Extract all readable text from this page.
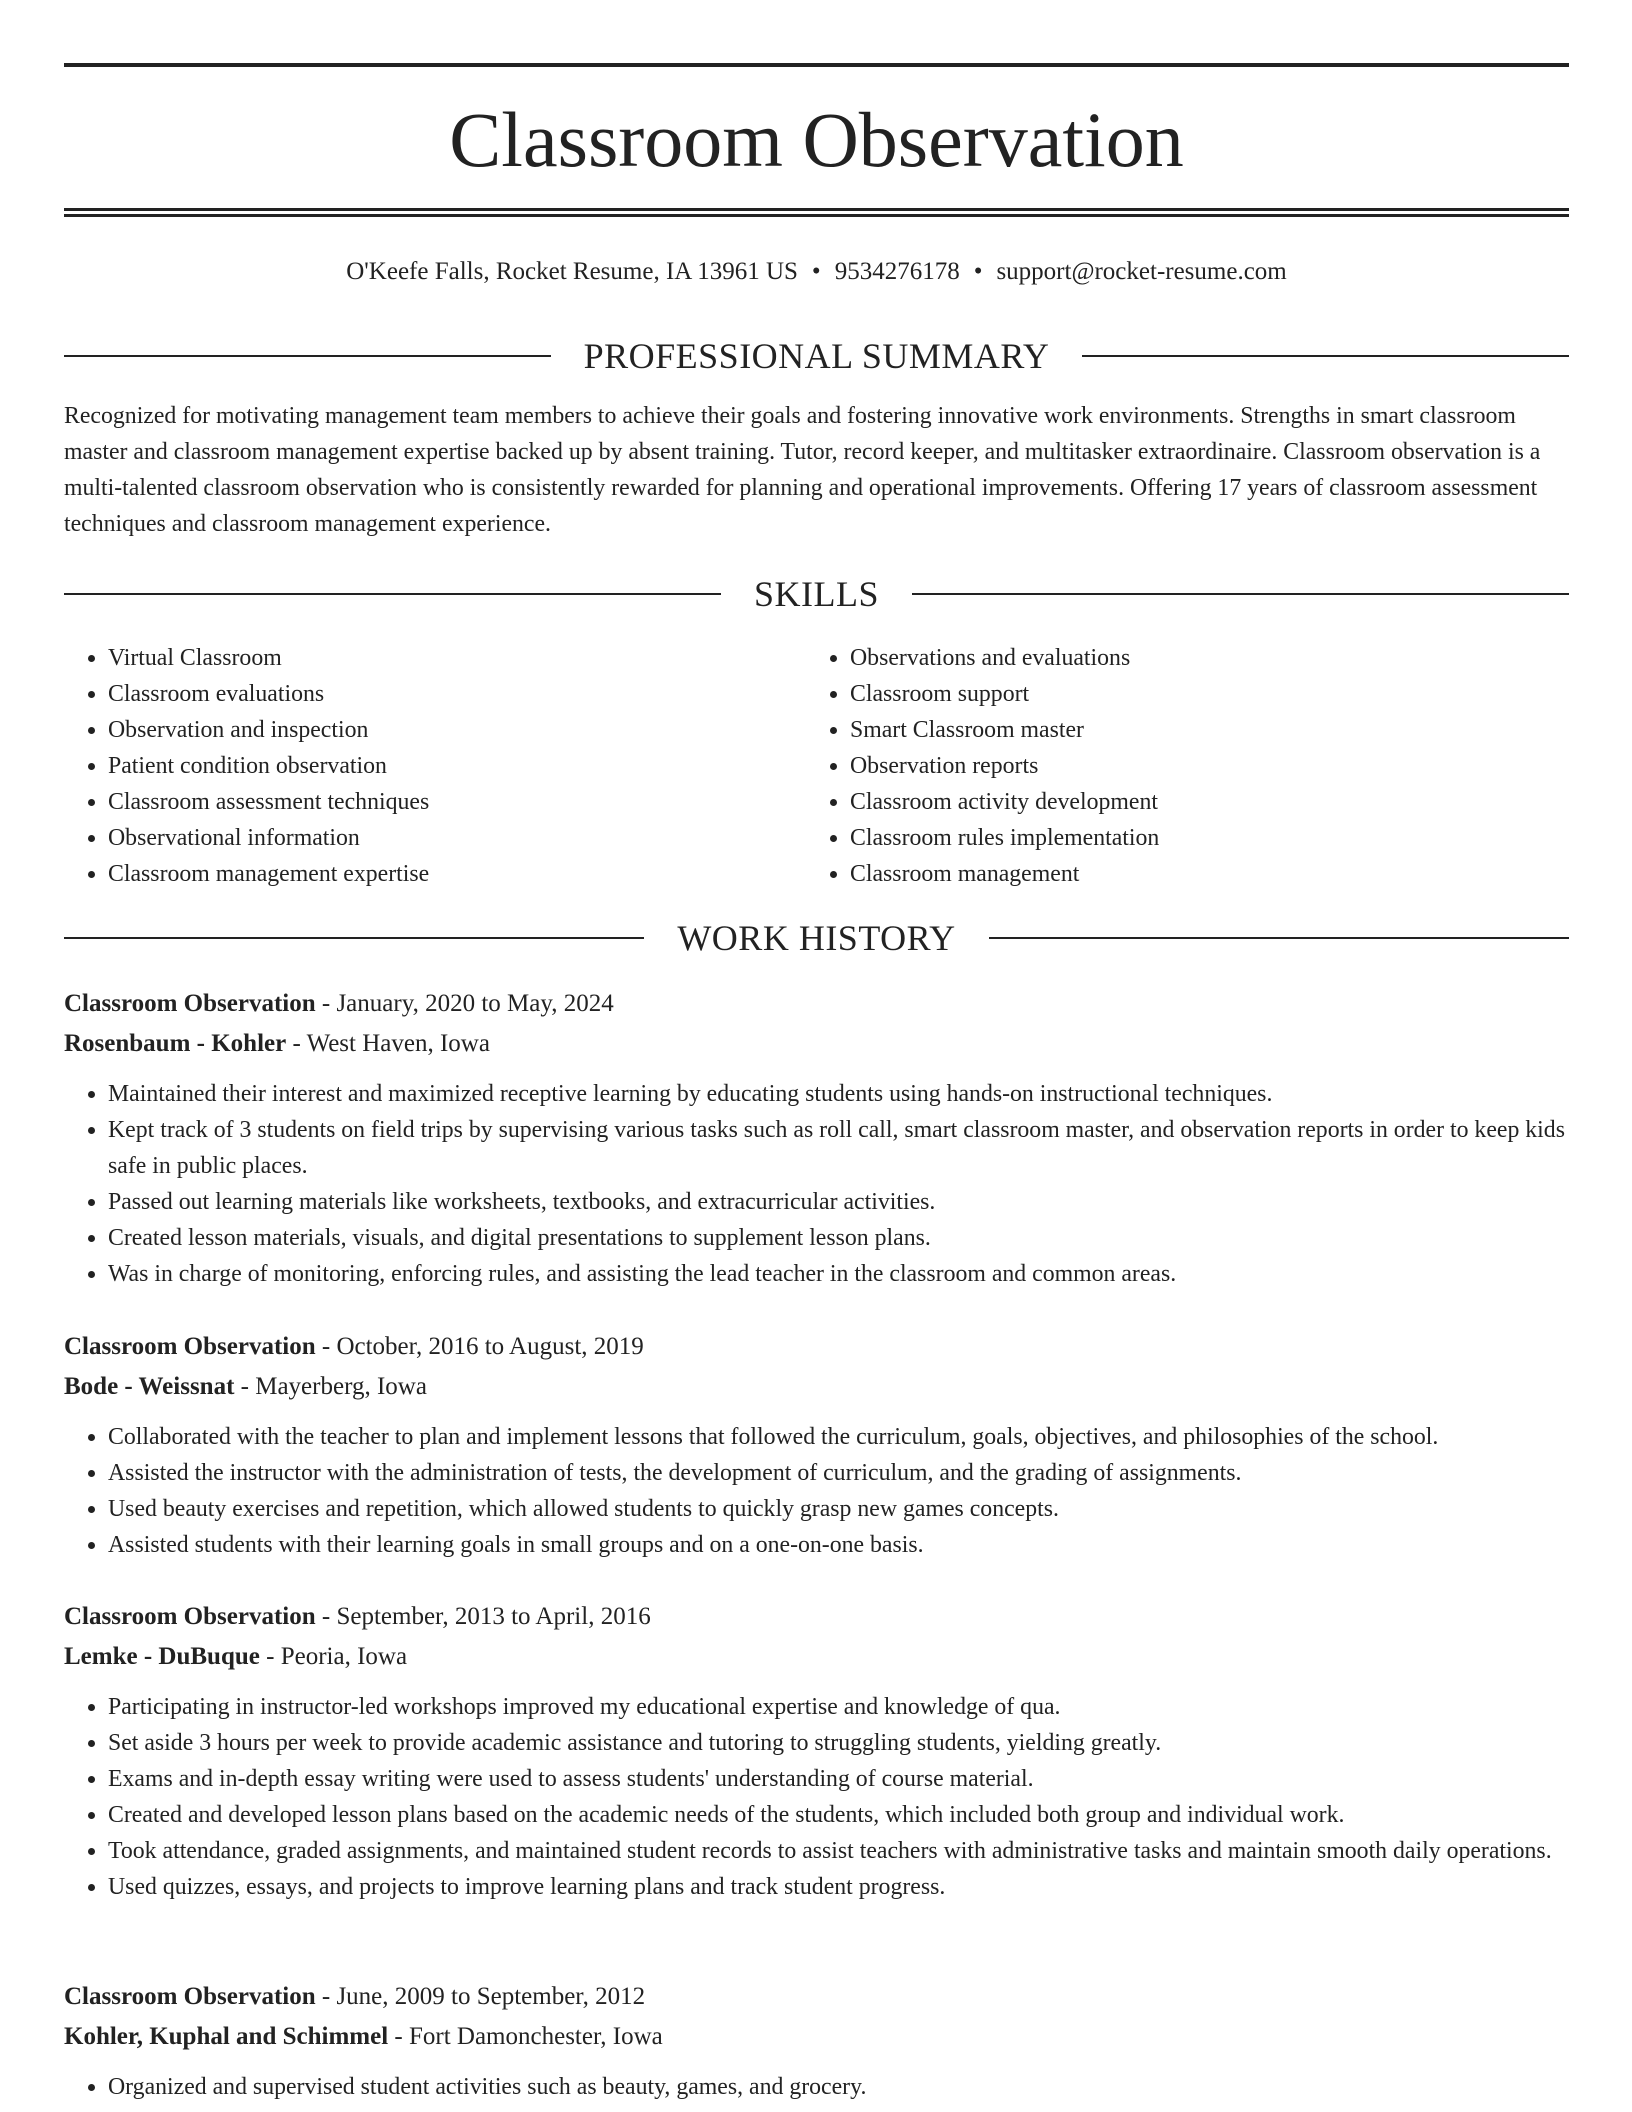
Classroom Observation
O'Keefe Falls, Rocket Resume, IA 13961 US • 9534276178 • support@rocket-resume.com
PROFESSIONAL SUMMARY

Recognized for motivating management team members to achieve their goals and fostering innovative work environments. Strengths in smart classroom master and classroom management expertise backed up by absent training. Tutor, record keeper, and multitasker extraordinaire. Classroom observation is a multi-talented classroom observation who is consistently rewarded for planning and operational improvements. Offering 17 years of classroom assessment techniques and classroom management experience.

SKILLS
• Virtual Classroom
• Classroom evaluations
• Observation and inspection
• Patient condition observation
• Classroom assessment techniques
• Observational information
• Classroom management expertise
• Observations and evaluations
• Classroom support
• Smart Classroom master
• Observation reports
• Classroom activity development
• Classroom rules implementation
• Classroom management
WORK HISTORY
Classroom Observation - January, 2020 to May, 2024
Rosenbaum - Kohler - West Haven, Iowa
• Maintained their interest and maximized receptive learning by educating students using hands-on instructional techniques.
• Kept track of 3 students on field trips by supervising various tasks such as roll call, smart classroom master, and observation reports in order to keep kids safe in public places.
• Passed out learning materials like worksheets, textbooks, and extracurricular activities.
• Created lesson materials, visuals, and digital presentations to supplement lesson plans.
• Was in charge of monitoring, enforcing rules, and assisting the lead teacher in the classroom and common areas.
Classroom Observation - October, 2016 to August, 2019
Bode - Weissnat - Mayerberg, Iowa
• Collaborated with the teacher to plan and implement lessons that followed the curriculum, goals, objectives, and philosophies of the school.
• Assisted the instructor with the administration of tests, the development of curriculum, and the grading of assignments.
• Used beauty exercises and repetition, which allowed students to quickly grasp new games concepts.
• Assisted students with their learning goals in small groups and on a one-on-one basis.
Classroom Observation - September, 2013 to April, 2016
Lemke - DuBuque - Peoria, Iowa
• Participating in instructor-led workshops improved my educational expertise and knowledge of qua.
• Set aside 3 hours per week to provide academic assistance and tutoring to struggling students, yielding greatly.
• Exams and in-depth essay writing were used to assess students' understanding of course material.
• Created and developed lesson plans based on the academic needs of the students, which included both group and individual work.
• Took attendance, graded assignments, and maintained student records to assist teachers with administrative tasks and maintain smooth daily operations.
• Used quizzes, essays, and projects to improve learning plans and track student progress.
Classroom Observation - June, 2009 to September, 2012
Kohler, Kuphal and Schimmel - Fort Damonchester, Iowa
• Organized and supervised student activities such as beauty, games, and grocery.
